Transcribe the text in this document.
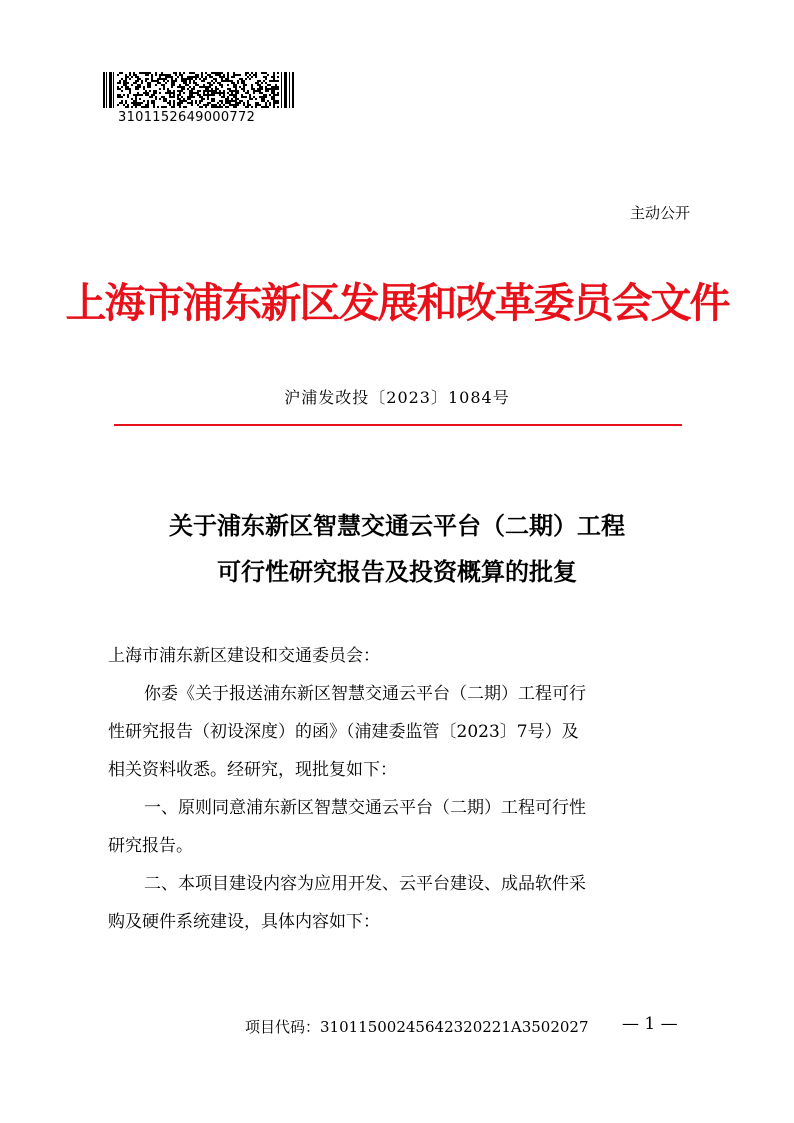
3101152649000772
主动公开
上海市浦东新区发展和改革委员会文件
沪浦发改投〔2023〕1084号
关于浦东新区智慧交通云平台（二期）工程
可行性研究报告及投资概算的批复

上海市浦东新区建设和交通委员会：

你委《关于报送浦东新区智慧交通云平台（二期）工程可行

性研究报告（初设深度）的函》（浦建委监管〔2023〕7号）及

相关资料收悉。经研究，现批复如下：

一、原则同意浦东新区智慧交通云平台（二期）工程可行性

研究报告。

二、本项目建设内容为应用开发、云平台建设、成品软件采

购及硬件系统建设，具体内容如下：

项目代码：31011500245642320221A3502027 — 1 —
